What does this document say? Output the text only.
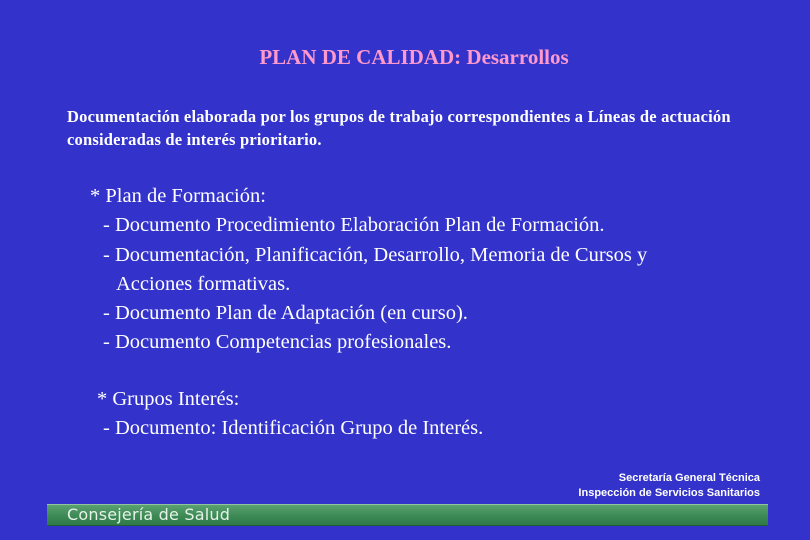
PLAN DE CALIDAD: Desarrollos

Documentación elaborada por los grupos de trabajo correspondientes a Líneas de actuación consideradas de interés prioritario.

* Plan de Formación:
- Documento Procedimiento Elaboración Plan de Formación.
- Documentación, Planificación, Desarrollo, Memoria de Cursos y
Acciones formativas.
- Documento Plan de Adaptación (en curso).
- Documento Competencias profesionales.
* Grupos Interés:
- Documento: Identificación Grupo de Interés.
Secretaría General Técnica
Inspección de Servicios Sanitarios
Consejería de Salud
